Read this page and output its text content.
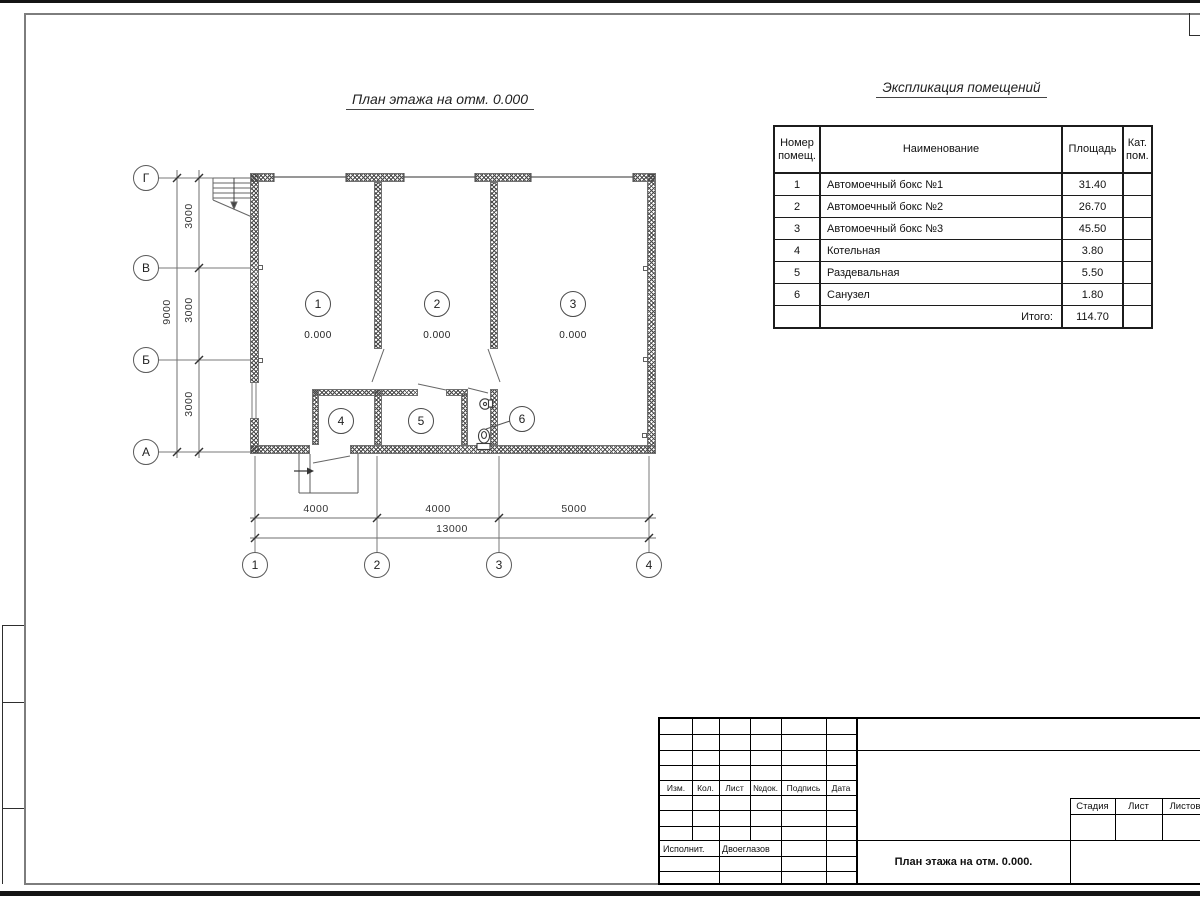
План этажа на отм. 0.000
Г
В
Б
А
1	2	3	4
1	2	3
4	5	6
0.000	0.000	0.000
3000
3000
3000
9000
4000	4000	5000
13000
Экспликация помещений
Номер помещ.	Наименование	Площадь	Кат. пом.
1	Автомоечный бокс №1	31.40	
2	Автомоечный бокс №2	26.70	
3	Автомоечный бокс №3	45.50	
4	Котельная	3.80	
5	Раздевальная	5.50	
6	Санузел	1.80	
	Итого:	114.70	
Изм.	Кол.	Лист	№док.	Подпись	Дата
Исполнит.	Двоеглазов
Стадия	Лист	Листов
План этажа на отм. 0.000.
